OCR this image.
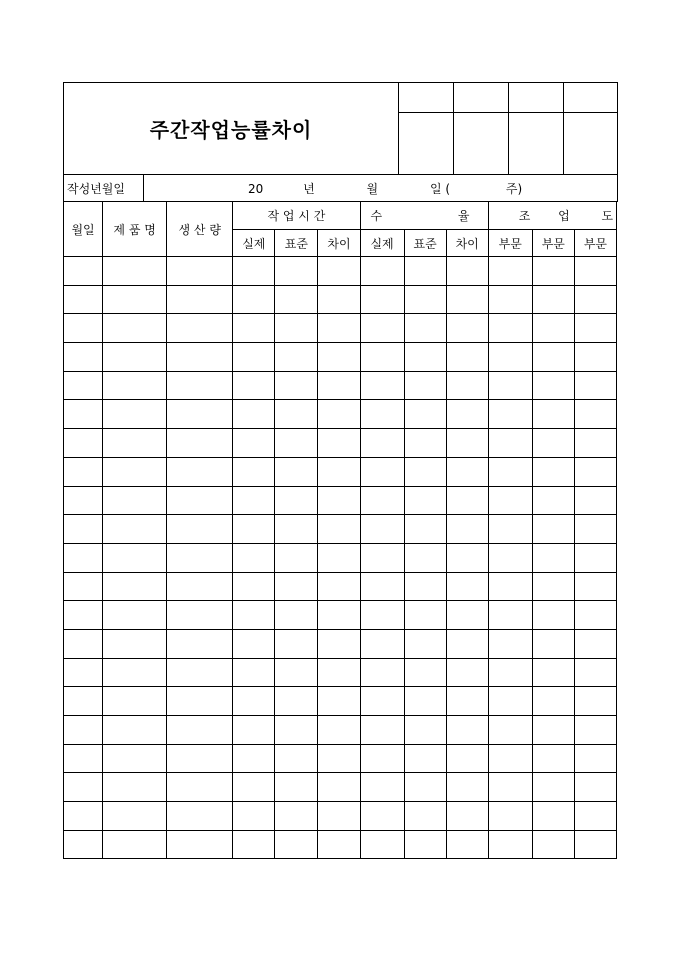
주간작업능률차이				

작성년월일	20	년	월	일 (	주)
월일	제 품 명	생 산 량	작 업 시 간			수 율			조 업 도		
			실제	표준	차이	실제	표준	차이	부문	부문	부문
